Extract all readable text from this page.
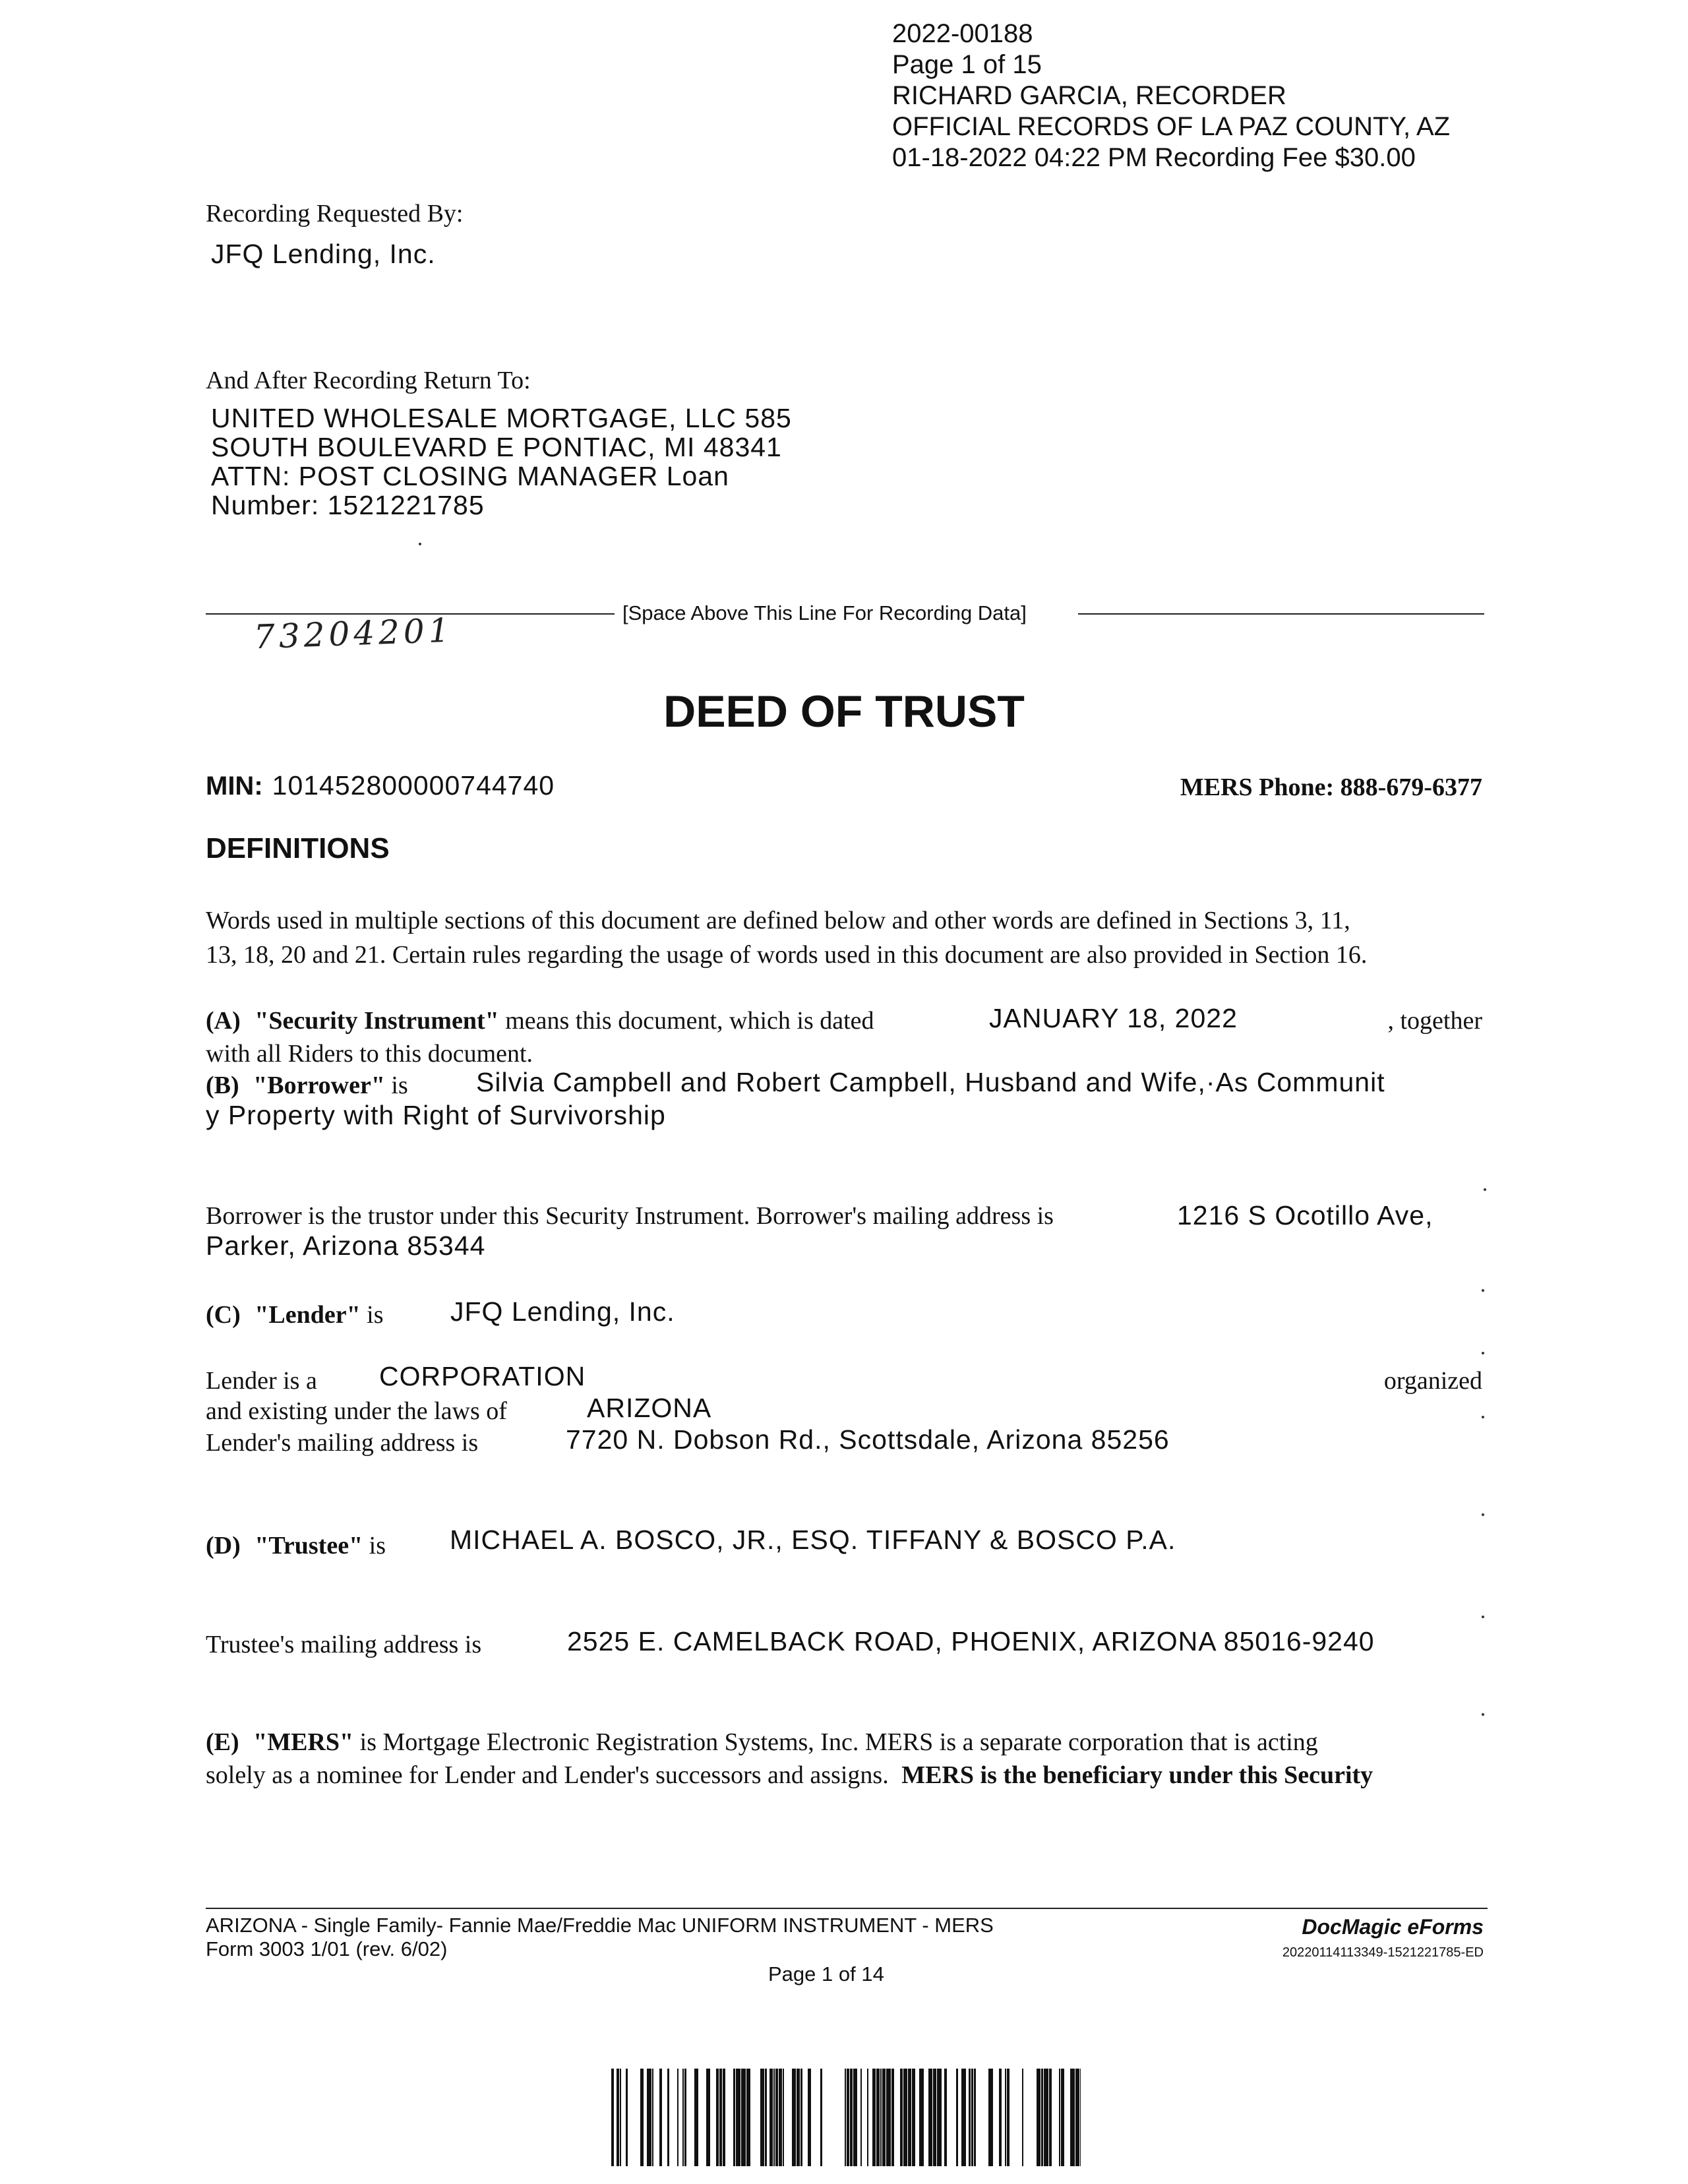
2022-00188
Page 1 of 15
RICHARD GARCIA, RECORDER
OFFICIAL RECORDS OF LA PAZ COUNTY, AZ
01-18-2022 04:22 PM Recording Fee $30.00
Recording Requested By:
JFQ Lending, Inc.
And After Recording Return To:
UNITED WHOLESALE MORTGAGE, LLC 585
SOUTH BOULEVARD E PONTIAC, MI 48341
ATTN: POST CLOSING MANAGER Loan
Number: 1521221785
[Space Above This Line For Recording Data]
73204201
DEED OF TRUST
MIN: 101452800000744740	MERS Phone: 888-679-6377
DEFINITIONS
Words used in multiple sections of this document are defined below and other words are defined in Sections 3, 11,
13, 18, 20 and 21. Certain rules regarding the usage of words used in this document are also provided in Section 16.
(A) "Security Instrument" means this document, which is dated	JANUARY 18, 2022	, together
with all Riders to this document.
(B) "Borrower" is	Silvia Campbell and Robert Campbell, Husband and Wife,·As Communit
y Property with Right of Survivorship
Borrower is the trustor under this Security Instrument. Borrower's mailing address is	1216 S Ocotillo Ave,
Parker, Arizona 85344
(C) "Lender" is JFQ Lending, Inc.
Lender is a CORPORATION	organized
and existing under the laws of	ARIZONA
Lender's mailing address is	7720 N. Dobson Rd., Scottsdale, Arizona 85256
(D) "Trustee" is MICHAEL A. BOSCO, JR., ESQ. TIFFANY & BOSCO P.A.
Trustee's mailing address is	2525 E. CAMELBACK ROAD, PHOENIX, ARIZONA 85016-9240
(E) "MERS" is Mortgage Electronic Registration Systems, Inc. MERS is a separate corporation that is acting
solely as a nominee for Lender and Lender's successors and assigns. MERS is the beneficiary under this Security
ARIZONA - Single Family- Fannie Mae/Freddie Mac UNIFORM INSTRUMENT - MERS
Form 3003 1/01 (rev. 6/02)
Page 1 of 14
DocMagic eForms
20220114113349-1521221785-ED
